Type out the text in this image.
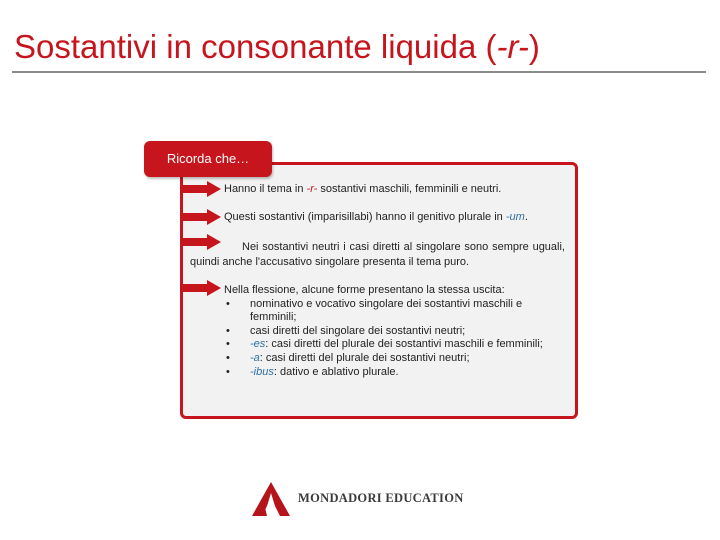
Sostantivi in consonante liquida (-r-)
Ricorda che…
Hanno il tema in -r- sostantivi maschili, femminili e neutri.
Questi sostantivi (imparisillabi) hanno il genitivo plurale in -um.
Nei sostantivi neutri i casi diretti al singolare sono sempre uguali, quindi anche l'accusativo singolare presenta il tema puro.
Nella flessione, alcune forme presentano la stessa uscita:
• nominativo e vocativo singolare dei sostantivi maschili e femminili;
• casi diretti del singolare dei sostantivi neutri;
• -es: casi diretti del plurale dei sostantivi maschili e femminili;
• -a: casi diretti del plurale dei sostantivi neutri;
• -ibus: dativo e ablativo plurale.
MONDADORI EDUCATION
